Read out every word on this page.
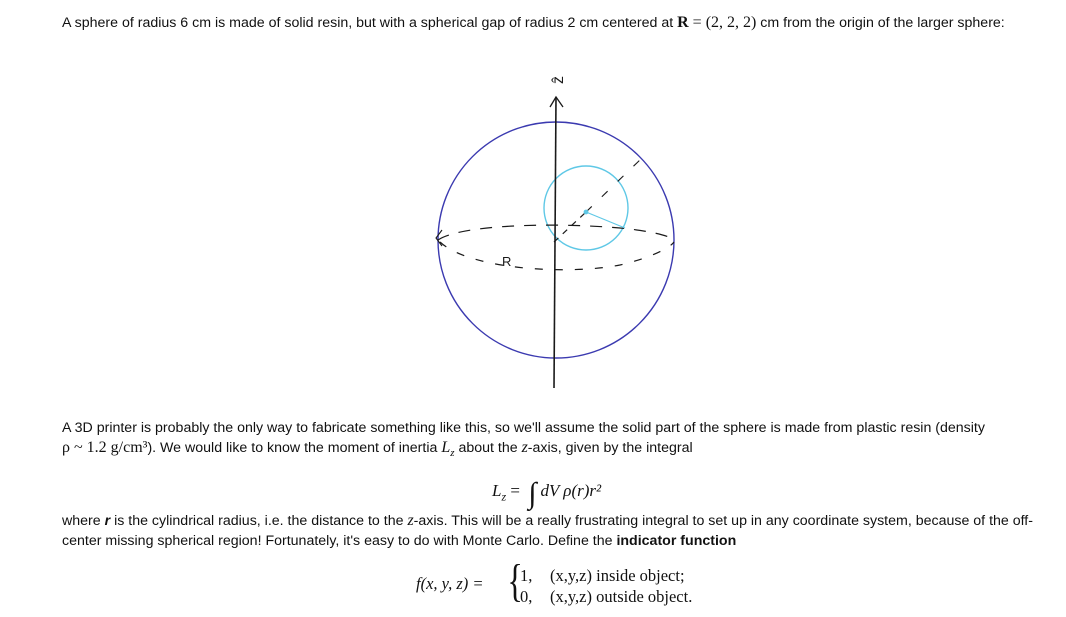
A sphere of radius 6 cm is made of solid resin, but with a spherical gap of radius 2 cm centered at R = (2, 2, 2) cm from the origin of the larger sphere:
ẑ
R
A 3D printer is probably the only way to fabricate something like this, so we'll assume the solid part of the sphere is made from plastic resin (density
ρ ~ 1.2 g/cm³). We would like to know the moment of inertia $L_z$ about the z-axis, given by the integral
$L_z$ = ∫ dV ρ(r)r²
where r is the cylindrical radius, i.e. the distance to the z-axis. This will be a really frustrating integral to set up in any coordinate system, because of the off-center missing spherical region! Fortunately, it's easy to do with Monte Carlo. Define the indicator function
f(x, y, z) = {
1, (x,y,z) inside object;
0, (x,y,z) outside object.
